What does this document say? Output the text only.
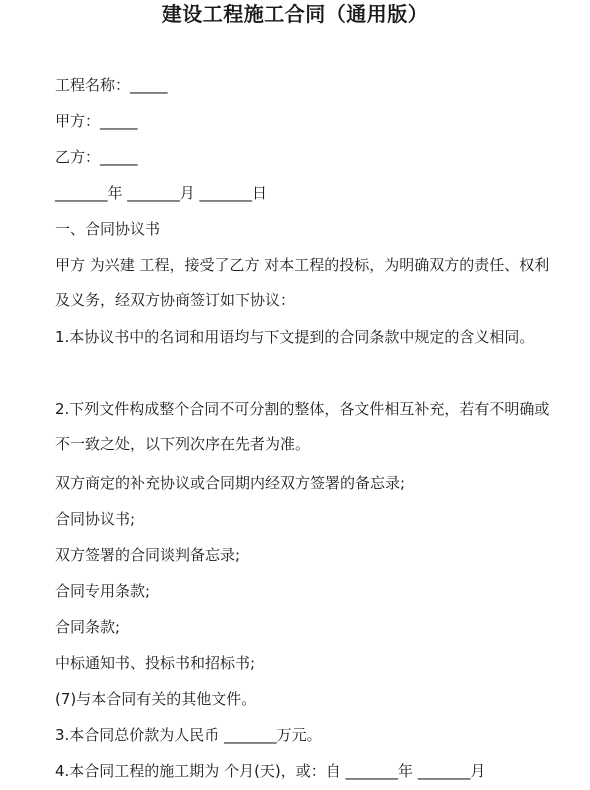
建设工程施工合同（通用版）
工程名称：_____
甲方：_____
乙方：_____
_______年 _______月 _______日
一、合同协议书
甲方 为兴建 工程，接受了乙方 对本工程的投标，为明确双方的责任、权利及义务，经双方协商签订如下协议：
1.本协议书中的名词和用语均与下文提到的合同条款中规定的含义相同。
2.下列文件构成整个合同不可分割的整体，各文件相互补充，若有不明确或不一致之处，以下列次序在先者为准。
双方商定的补充协议或合同期内经双方签署的备忘录;
合同协议书;
双方签署的合同谈判备忘录;
合同专用条款;
合同条款;
中标通知书、投标书和招标书;
(7)与本合同有关的其他文件。
3.本合同总价款为人民币 _______万元。
4.本合同工程的施工期为 个月(天)，或：自 _______年 _______月
